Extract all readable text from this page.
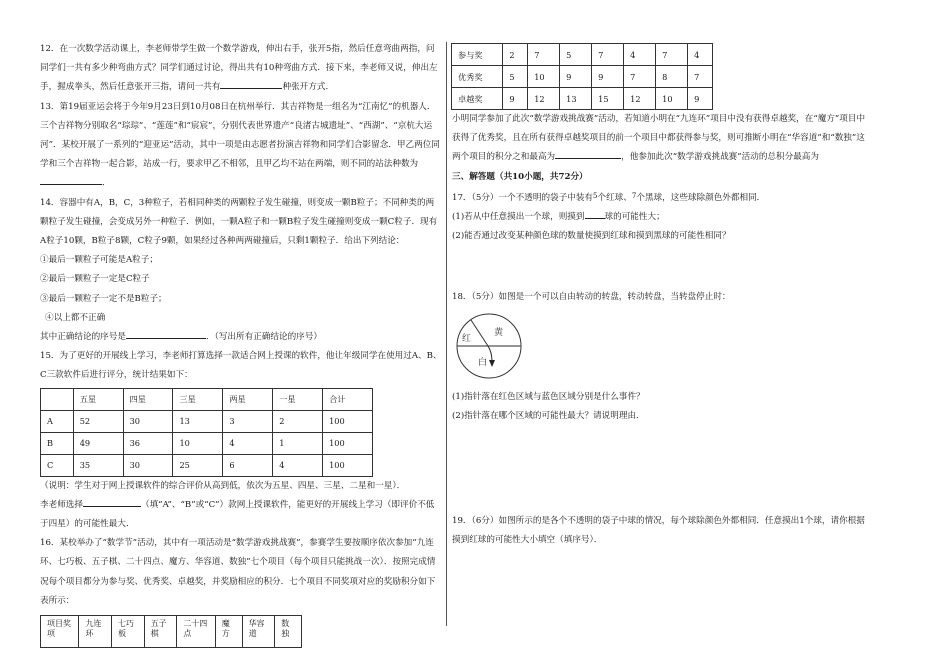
12．在一次数学活动课上，李老师带学生做一个数学游戏，伸出右手，张开5指，然后任意弯曲两指，问同学们一共有多少种弯曲方式？同学们通过讨论，得出共有10种弯曲方式．接下来，李老师又说，伸出左手，握成拳头，然后任意张开三指，请问一共有	种张开方式．

13．第19届亚运会将于今年9月23日到10月08日在杭州举行．其吉祥物是一组名为“江南忆”的机器人．三个吉祥物分别取名“琮琮”、“莲莲”和“宸宸”，分别代表世界遗产“良渚古城遗址”、“西湖”、“京杭大运河”．某校开展了一系列的“迎亚运”活动，其中一项是由志愿者扮演吉祥物和同学们合影留念．甲乙两位同学和三个吉祥物一起合影，站成一行，要求甲乙不相邻，且甲乙均不站在两端，则不同的站法种数为．

14．容器中有A，B，C，3种粒子，若相同种类的两颗粒子发生碰撞，则变成一颗B粒子；不同种类的两颗粒子发生碰撞，会变成另外一种粒子．例如，一颗A粒子和一颗B粒子发生碰撞则变成一颗C粒子．现有A粒子10颗，B粒子8颗，C粒子9颗，如果经过各种两两碰撞后，只剩1颗粒子．给出下列结论：

①最后一颗粒子可能是A粒子；

②最后一颗粒子一定是C粒子

③最后一颗粒子一定不是B粒子；

④以上都不正确

其中正确结论的序号是	．（写出所有正确结论的序号）

15．为了更好的开展线上学习，李老师打算选择一款适合网上授课的软件，他让年级同学在使用过A、B、C三款软件后进行评分，统计结果如下：

	五星	四星	三星	两星	一星	合计
A	52	30	13	3	2	100
B	49	36	10	4	1	100
C	35	30	25	6	4	100

（说明：学生对于网上授课软件的综合评价从高到低，依次为五星、四星、三星、二星和一星）．

李老师选择	（填“A”、“B”或“C”）款网上授课软件，能更好的开展线上学习（即评价不低于四星）的可能性最大．

16．某校举办了“数学节”活动，其中有一项活动是“数学游戏挑战赛”，参赛学生要按顺序依次参加“九连环、七巧板、五子棋、二十四点、魔方、华容道、数独”七个项目（每个项目只能挑战一次）．按照完成情况每个项目都分为参与奖、优秀奖、卓越奖，并奖励相应的积分．七个项目不同奖项对应的奖励积分如下表所示：

项目奖项	九连环	七巧板	五子棋	二十四点	魔方	华容道	数独
参与奖	2	7	5	7	4	7	4
优秀奖	5	10	9	9	7	8	7
卓越奖	9	12	13	15	12	10	9

小明同学参加了此次“数学游戏挑战赛”活动，若知道小明在“九连环”项目中没有获得卓越奖，在“魔方”项目中获得了优秀奖，且在所有获得卓越奖项目的前一个项目中都获得参与奖，则可推断小明在“华容道”和“数独”这两个项目的积分之和最高为	，他参加此次“数学游戏挑战赛”活动的总积分最高为

三、解答题（共10小题，共72分）

17．（5分）一个不透明的袋子中装有$^5$个红球、$^7$个黑球，这些球除颜色外都相同．

(1)若从中任意摸出一个球，则摸到 球的可能性大；

(2)能否通过改变某种颜色球的数量使摸到红球和摸到黑球的可能性相同？

18．（5分）如图是一个可以自由转动的转盘，转动转盘，当转盘停止时：

红
黄
白

(1)指针落在红色区域与蓝色区域分别是什么事件？

(2)指针落在哪个区域的可能性最大？请说明理由．

19．（6分）如图所示的是各个不透明的袋子中球的情况，每个球除颜色外都相同．任意摸出1个球，请你根据摸到红球的可能性大小填空（填序号）．
